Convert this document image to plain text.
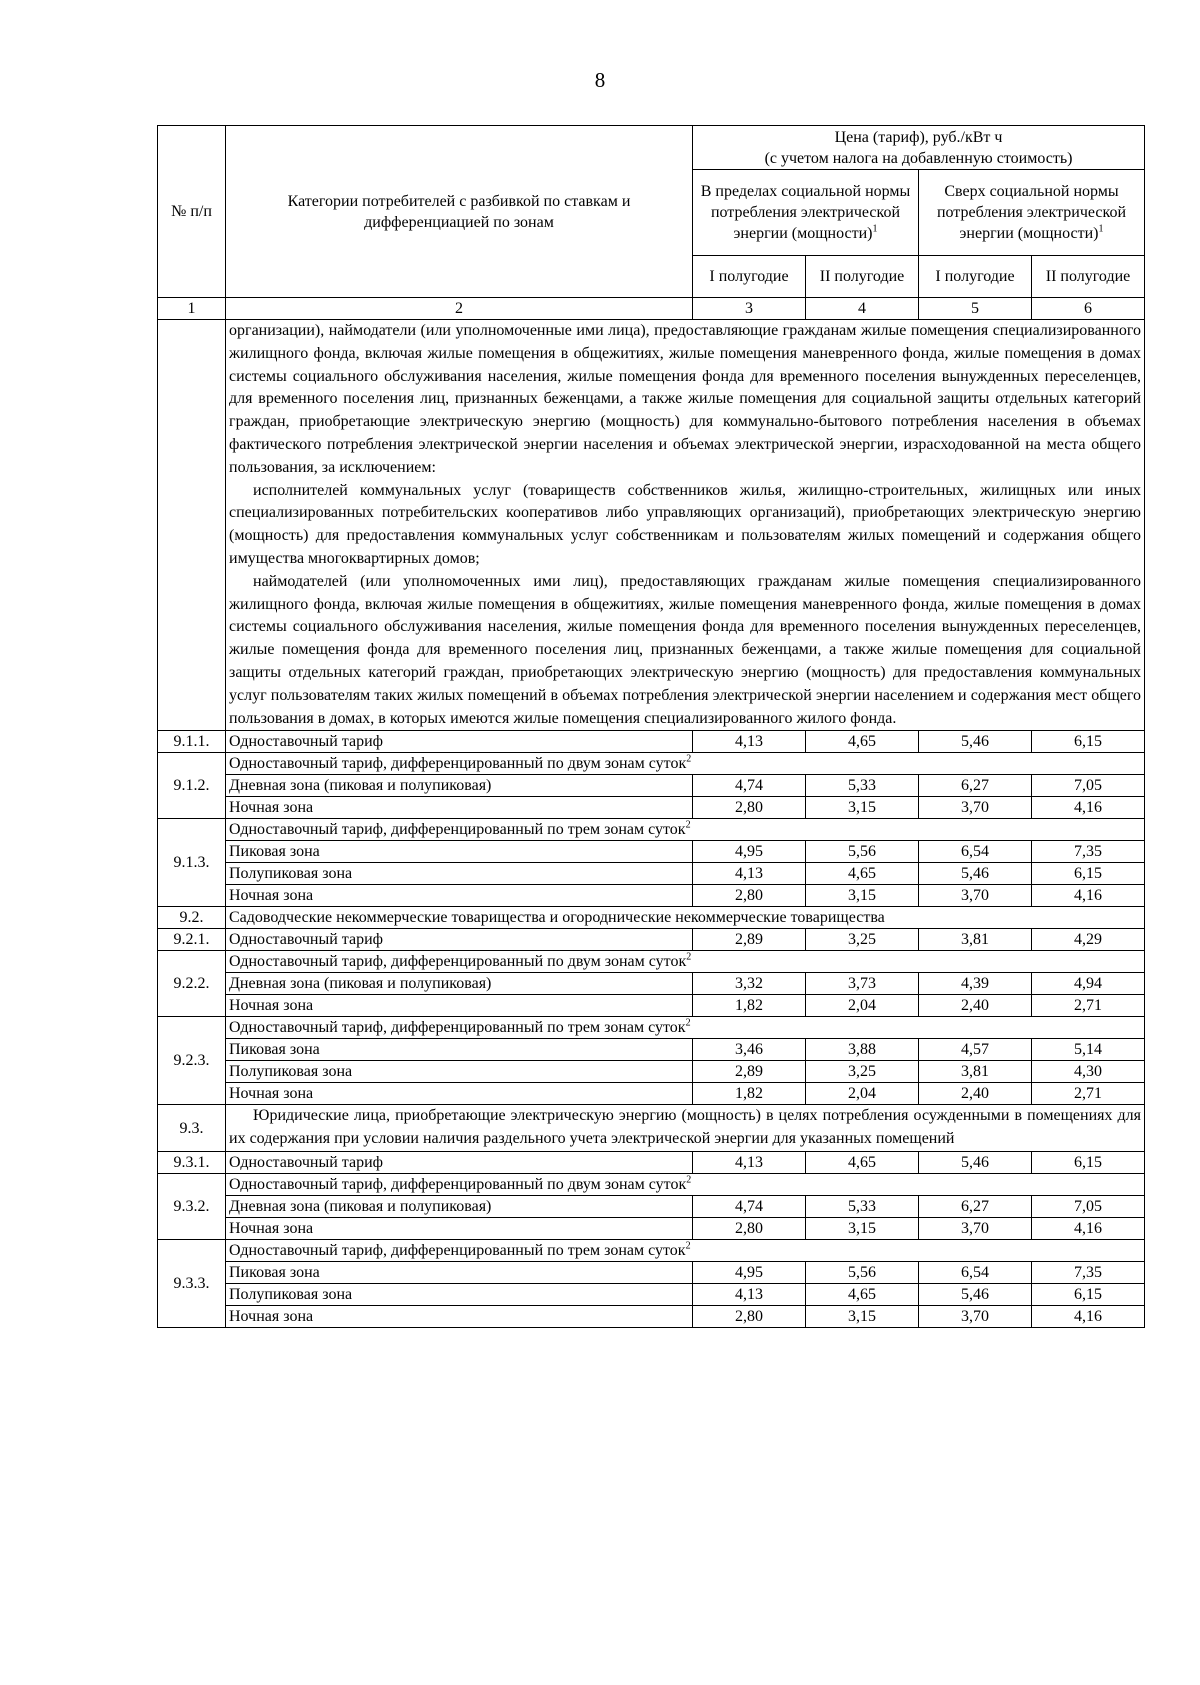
8
№ п/п	Категории потребителей с разбивкой по ставкам и дифференциацией по зонам	Цена (тариф), руб./кВт ч
(с учетом налога на добавленную стоимость)			

		В пределах социальной нормы потребления электрической энергии (мощности)$^1$		Сверх социальной нормы потребления электрической энергии (мощности)$^1$
		I полугодие	II полугодие	I полугодие	II полугодие

1	2	3	4	5	6

	организации), наймодатели (или уполномоченные ими лица), предоставляющие гражданам жилые помещения специализированного жилищного фонда, включая жилые помещения в общежитиях, жилые помещения маневренного фонда, жилые помещения в домах системы социального обслуживания населения, жилые помещения фонда для временного поселения вынужденных переселенцев, для временного поселения лиц, признанных беженцами, а также жилые помещения для социальной защиты отдельных категорий граждан, приобретающие электрическую энергию (мощность) для коммунально-бытового потребления населения в объемах фактического потребления электрической энергии населения и объемах электрической энергии, израсходованной на места общего пользования, за исключением:

исполнителей коммунальных услуг (товариществ собственников жилья, жилищно-строительных, жилищных или иных специализированных потребительских кооперативов либо управляющих организаций), приобретающих электрическую энергию (мощность) для предоставления коммунальных услуг собственникам и пользователям жилых помещений и содержания общего имущества многоквартирных домов;

наймодателей (или уполномоченных ими лиц), предоставляющих гражданам жилые помещения специализированного жилищного фонда, включая жилые помещения в общежитиях, жилые помещения маневренного фонда, жилые помещения в домах системы социального обслуживания населения, жилые помещения фонда для временного поселения вынужденных переселенцев, жилые помещения фонда для временного поселения лиц, признанных беженцами, а также жилые помещения для социальной защиты отдельных категорий граждан, приобретающих электрическую энергию (мощность) для предоставления коммунальных услуг пользователям таких жилых помещений в объемах потребления электрической энергии населением и содержания мест общего пользования в домах, в которых имеются жилые помещения специализированного жилого фонда.				

9.1.1.	Одноставочный тариф	4,13	4,65	5,46	6,15
9.1.2.	Одноставочный тариф, дифференцированный по двум зонам суток$^2$
	Дневная зона (пиковая и полупиковая)	4,74	5,33	6,27	7,05
	Ночная зона	2,80	3,15	3,70	4,16
9.1.3.	Одноставочный тариф, дифференцированный по трем зонам суток$^2$
	Пиковая зона	4,95	5,56	6,54	7,35
	Полупиковая зона	4,13	4,65	5,46	6,15
	Ночная зона	2,80	3,15	3,70	4,16
9.2.	Садоводческие некоммерческие товарищества и огороднические некоммерческие товарищества				
9.2.1.	Одноставочный тариф	2,89	3,25	3,81	4,29
9.2.2.	Одноставочный тариф, дифференцированный по двум зонам суток$^2$
	Дневная зона (пиковая и полупиковая)	3,32	3,73	4,39	4,94
	Ночная зона	1,82	2,04	2,40	2,71
9.2.3.	Одноставочный тариф, дифференцированный по трем зонам суток$^2$
	Пиковая зона	3,46	3,88	4,57	5,14
	Полупиковая зона	2,89	3,25	3,81	4,30
	Ночная зона	1,82	2,04	2,40	2,71
9.3.	Юридические лица, приобретающие электрическую энергию (мощность) в целях потребления осужденными в помещениях для их содержания при условии наличия раздельного учета электрической энергии для указанных помещений				

9.3.1.	Одноставочный тариф	4,13	4,65	5,46	6,15
9.3.2.	Одноставочный тариф, дифференцированный по двум зонам суток$^2$
	Дневная зона (пиковая и полупиковая)	4,74	5,33	6,27	7,05
	Ночная зона	2,80	3,15	3,70	4,16
9.3.3.	Одноставочный тариф, дифференцированный по трем зонам суток$^2$
	Пиковая зона	4,95	5,56	6,54	7,35
	Полупиковая зона	4,13	4,65	5,46	6,15
	Ночная зона	2,80	3,15	3,70	4,16
